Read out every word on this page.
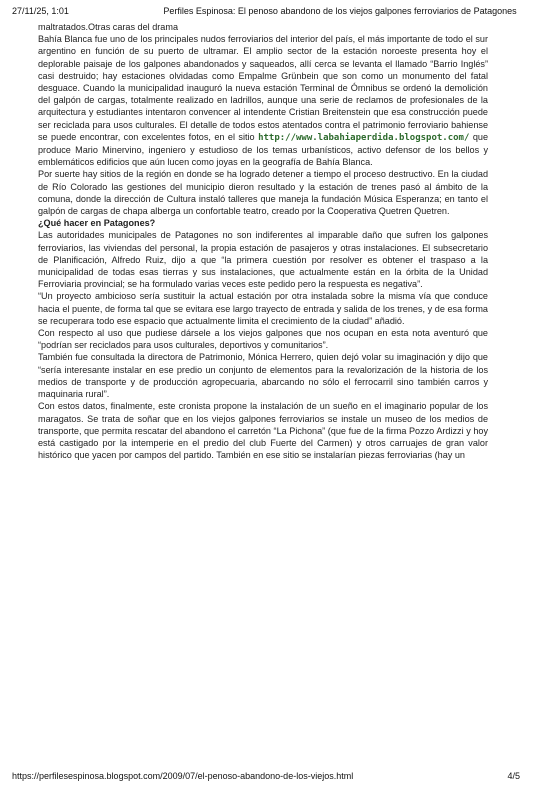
27/11/25, 1:01	Perfiles Espinosa: El penoso abandono de los viejos galpones ferroviarios de Patagones

maltratados.Otras caras del drama

Bahía Blanca fue uno de los principales nudos ferroviarios del interior del país, el más importante de todo el sur argentino en función de su puerto de ultramar. El amplio sector de la estación noroeste presenta hoy el deplorable paisaje de los galpones abandonados y saqueados, allí cerca se levanta el llamado “Barrio Inglés” casi destruido; hay estaciones olvidadas como Empalme Grünbein que son como un monumento del fatal desguace. Cuando la municipalidad inauguró la nueva estación Terminal de Ómnibus se ordenó la demolición del galpón de cargas, totalmente realizado en ladrillos, aunque una serie de reclamos de profesionales de la arquitectura y estudiantes intentaron convencer al intendente Cristian Breitenstein que esa construcción puede ser reciclada para usos culturales. El detalle de todos estos atentados contra el patrimonio ferroviario bahiense se puede encontrar, con excelentes fotos, en el sitio http://www.labahiaperdida.blogspot.com/ que produce Mario Minervino, ingeniero y estudioso de los temas urbanísticos, activo defensor de los bellos y emblemáticos edificios que aún lucen como joyas en la geografía de Bahía Blanca.

Por suerte hay sitios de la región en donde se ha logrado detener a tiempo el proceso destructivo. En la ciudad de Río Colorado las gestiones del municipio dieron resultado y la estación de trenes pasó al ámbito de la comuna, donde la dirección de Cultura instaló talleres que maneja la fundación Música Esperanza; en tanto el galpón de cargas de chapa alberga un confortable teatro, creado por la Cooperativa Quetren Quetren.

¿Qué hacer en Patagones?

Las autoridades municipales de Patagones no son indiferentes al imparable daño que sufren los galpones ferroviarios, las viviendas del personal, la propia estación de pasajeros y otras instalaciones. El subsecretario de Planificación, Alfredo Ruiz, dijo a que “la primera cuestión por resolver es obtener el traspaso a la municipalidad de todas esas tierras y sus instalaciones, que actualmente están en la órbita de la Unidad Ferroviaria provincial; se ha formulado varias veces este pedido pero la respuesta es negativa”.

“Un proyecto ambicioso sería sustituir la actual estación por otra instalada sobre la misma vía que conduce hacia el puente, de forma tal que se evitara ese largo trayecto de entrada y salida de los trenes, y de esa forma se recuperara todo ese espacio que actualmente limita el crecimiento de la ciudad” añadió.

Con respecto al uso que pudiese dársele a los viejos galpones que nos ocupan en esta nota aventuró que “podrían ser reciclados para usos culturales, deportivos y comunitarios”.

También fue consultada la directora de Patrimonio, Mónica Herrero, quien dejó volar su imaginación y dijo que “sería interesante instalar en ese predio un conjunto de elementos para la revalorización de la historia de los medios de transporte y de producción agropecuaria, abarcando no sólo el ferrocarril sino también carros y maquinaria rural”.

Con estos datos, finalmente, este cronista propone la instalación de un sueño en el imaginario popular de los maragatos. Se trata de soñar que en los viejos galpones ferroviarios se instale un museo de los medios de transporte, que permita rescatar del abandono el carretón “La Pichona” (que fue de la firma Pozzo Ardizzi y hoy está castigado por la intemperie en el predio del club Fuerte del Carmen) y otros carruajes de gran valor histórico que yacen por campos del partido. También en ese sitio se instalarían piezas ferroviarias (hay un

https://perfilesespinosa.blogspot.com/2009/07/el-penoso-abandono-de-los-viejos.html	4/5
